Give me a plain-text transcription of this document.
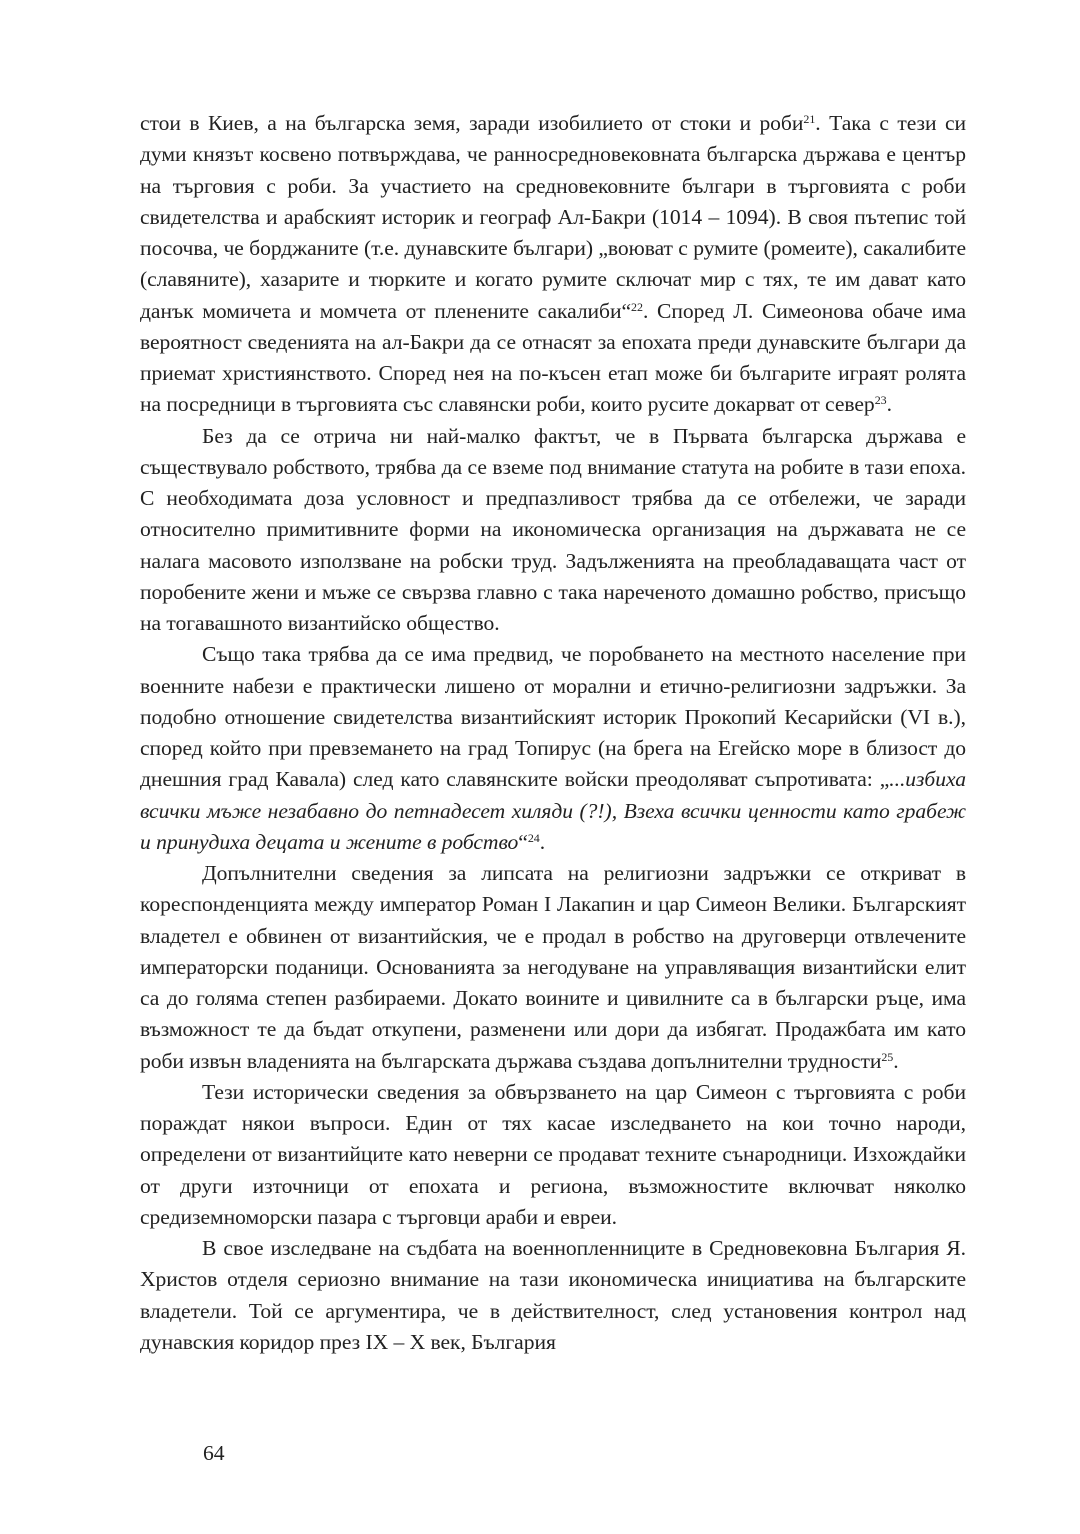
стои в Киев, а на българска земя, заради изобилието от стоки и роби$^{21}$. Така с тези си думи князът косвено потвърждава, че ранносредновековната българска държава е център на търговия с роби. За участието на средновековните българи в търговията с роби свидетелства и арабският историк и географ Ал-Бакри (1014 – 1094). В своя пътепис той посочва, че борджаните (т.е. дунавските българи) „воюват с румите (ромеите), сакалибите (славяните), хазарите и тюрките и когато румите сключат мир с тях, те им дават като данък момичета и момчета от пленените сакалиби“$^{22}$. Според Л. Симеонова обаче има вероятност сведенията на ал-Бакри да се отнасят за епохата преди дунавските българи да приемат християнството. Според нея на по-късен етап може би българите играят ролята на посредници в търговията със славянски роби, които русите докарват от север$^{23}$.

Без да се отрича ни най-малко фактът, че в Първата българска държава е съществувало робството, трябва да се вземе под внимание статута на робите в тази епоха. С необходимата доза условност и предпазливост трябва да се отбележи, че заради относително примитивните форми на икономическа организация на държавата не се налага масовото използване на робски труд. Задълженията на преобладаващата част от поробените жени и мъже се свързва главно с така нареченото домашно робство, присъщо на тогавашното византийско общество.

Също така трябва да се има предвид, че поробването на местното население при военните набези е практически лишено от морални и етично-религиозни задръжки. За подобно отношение свидетелства византийският историк Прокопий Кесарийски (VI в.), според който при превземането на град Топирус (на брега на Егейско море в близост до днешния град Кавала) след като славянските войски преодоляват съпротивата: „...избиха всички мъже незабавно до петнадесет хиляди (?!), Взеха всички ценности като грабеж и принудиха децата и жените в робство“$^{24}$.

Допълнителни сведения за липсата на религиозни задръжки се откриват в кореспонденцията между император Роман I Лакапин и цар Симеон Велики. Българският владетел е обвинен от византийския, че е продал в робство на друговерци отвлечените императорски поданици. Основанията за негодуване на управляващия византийски елит са до голяма степен разбираеми. Докато воините и цивилните са в български ръце, има възможност те да бъдат откупени, разменени или дори да избягат. Продажбата им като роби извън владенията на българската държава създава допълнителни трудности$^{25}$.

Тези исторически сведения за обвързването на цар Симеон с търговията с роби пораждат някои въпроси. Един от тях касае изследването на кои точно народи, определени от византийците като неверни се продават техните сънародници. Изхождайки от други източници от епохата и региона, възможностите включват няколко средиземноморски пазара с търговци араби и евреи.

В свое изследване на съдбата на военнопленниците в Средновековна България Я. Христов отделя сериозно внимание на тази икономическа инициатива на българските владетели. Той се аргументира, че в действителност, след установения контрол над дунавския коридор през IX – X век, България

64
